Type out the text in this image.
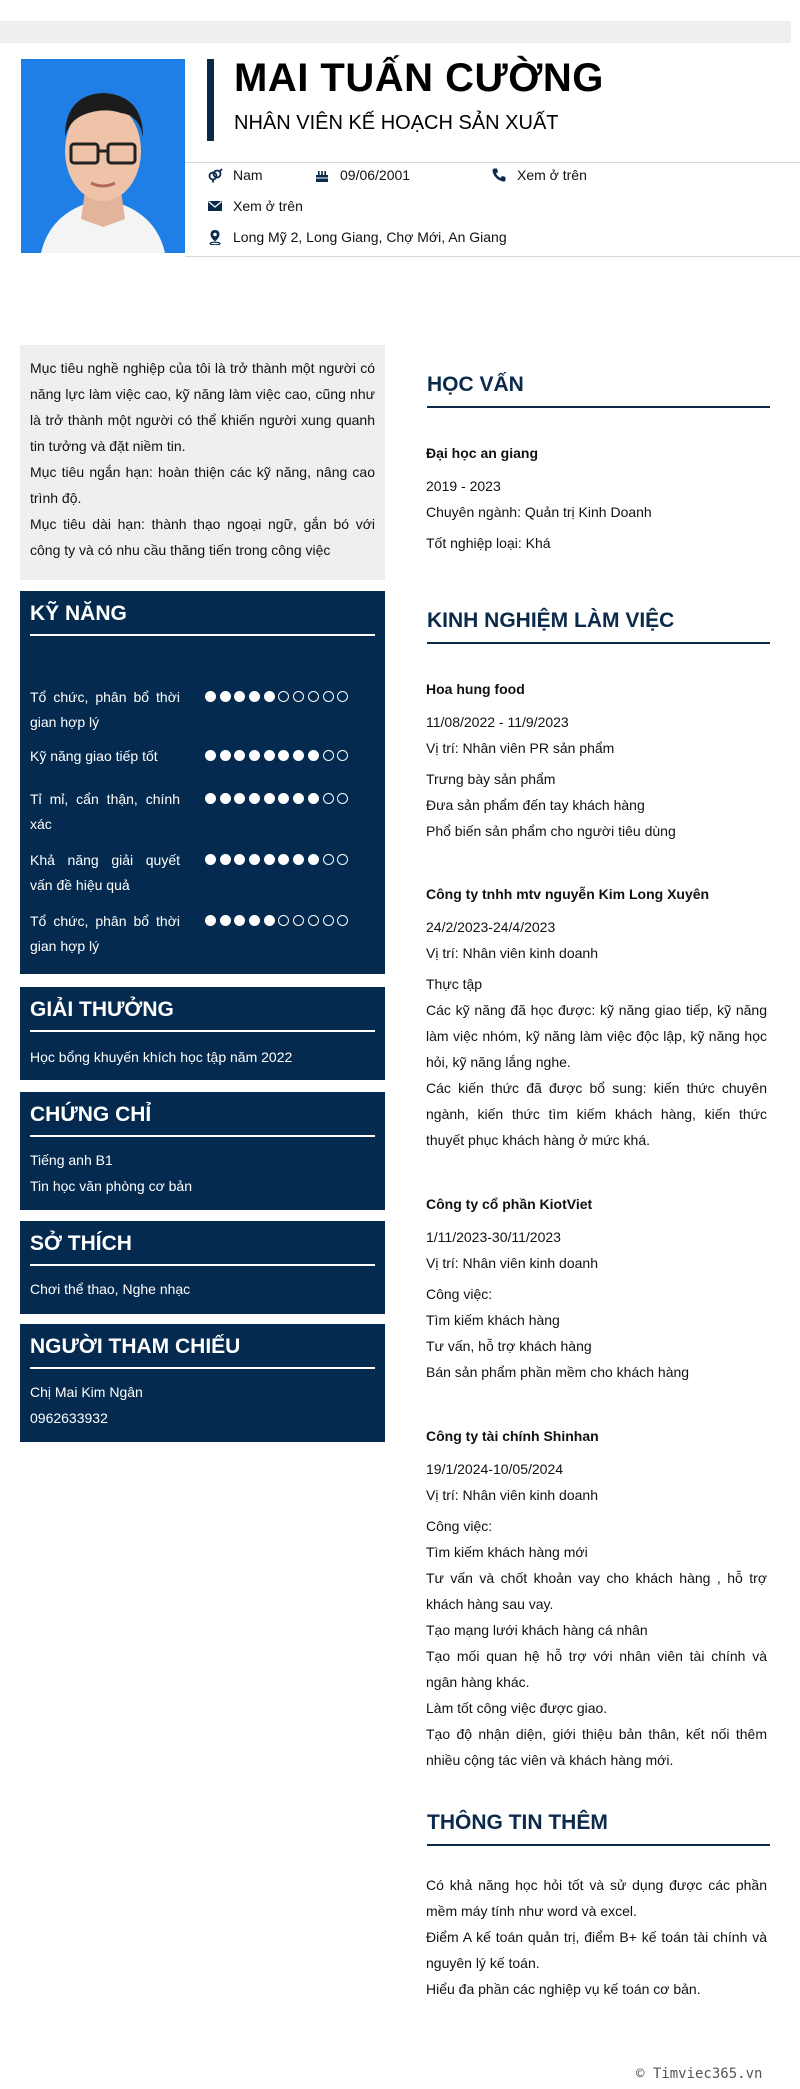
MAI TUẤN CƯỜNG
NHÂN VIÊN KẾ HOẠCH SẢN XUẤT
Nam	09/06/2001	Xem ở trên
Xem ở trên
Long Mỹ 2, Long Giang, Chợ Mới, An Giang

Mục tiêu nghề nghiệp của tôi là trở thành một người có năng lực làm việc cao, kỹ năng làm việc cao, cũng như là trở thành một người có thể khiến người xung quanh tin tưởng và đặt niềm tin.

Mục tiêu ngắn hạn: hoàn thiện các kỹ năng, nâng cao trình độ.

Mục tiêu dài hạn: thành thạo ngoại ngữ, gắn bó với công ty và có nhu cầu thăng tiến trong công việc

KỸ NĂNG
Tổ chức, phân bổ thời gian hợp lý
Kỹ năng giao tiếp tốt
Tỉ mỉ, cẩn thận, chính xác
Khả năng giải quyết vấn đề hiệu quả
Tổ chức, phân bổ thời gian hợp lý
GIẢI THƯỞNG
Học bổng khuyến khích học tập năm 2022
CHỨNG CHỈ
Tiếng anh B1
Tin học văn phòng cơ bản
SỞ THÍCH
Chơi thể thao, Nghe nhạc
NGƯỜI THAM CHIẾU
Chị Mai Kim Ngân
0962633932
HỌC VẤN

Đại học an giang

2019 - 2023

Chuyên ngành: Quản trị Kinh Doanh

Tốt nghiệp loại: Khá

KINH NGHIỆM LÀM VIỆC

Hoa hung food

11/08/2022 - 11/9/2023

Vị trí: Nhân viên PR sản phẩm

Trưng bày sản phẩm

Đưa sản phẩm đến tay khách hàng

Phổ biến sản phẩm cho người tiêu dùng

Công ty tnhh mtv nguyễn Kim Long Xuyên

24/2/2023-24/4/2023

Vị trí: Nhân viên kinh doanh

Thực tập

Các kỹ năng đã học được: kỹ năng giao tiếp, kỹ năng làm việc nhóm, kỹ năng làm việc độc lập, kỹ năng học hỏi, kỹ năng lắng nghe.

Các kiến thức đã được bổ sung: kiến thức chuyên ngành, kiến thức tìm kiếm khách hàng, kiến thức thuyết phục khách hàng ở mức khá.

Công ty cổ phần KiotViet

1/11/2023-30/11/2023

Vị trí: Nhân viên kinh doanh

Công việc:

Tìm kiếm khách hàng

Tư vấn, hỗ trợ khách hàng

Bán sản phẩm phần mềm cho khách hàng

Công ty tài chính Shinhan

19/1/2024-10/05/2024

Vị trí: Nhân viên kinh doanh

Công việc:

Tìm kiếm khách hàng mới

Tư vấn và chốt khoản vay cho khách hàng , hỗ trợ khách hàng sau vay.

Tạo mạng lưới khách hàng cá nhân

Tạo mối quan hệ hỗ trợ với nhân viên tài chính và ngân hàng khác.

Làm tốt công việc được giao.

Tạo độ nhận diện, giới thiệu bản thân, kết nối thêm nhiều cộng tác viên và khách hàng mới.

THÔNG TIN THÊM

Có khả năng học hỏi tốt và sử dụng được các phần mềm máy tính như word và excel.

Điểm A kế toán quản trị, điểm B+ kế toán tài chính và nguyên lý kế toán.

Hiểu đa phần các nghiệp vụ kế toán cơ bản.

© Timviec365.vn
